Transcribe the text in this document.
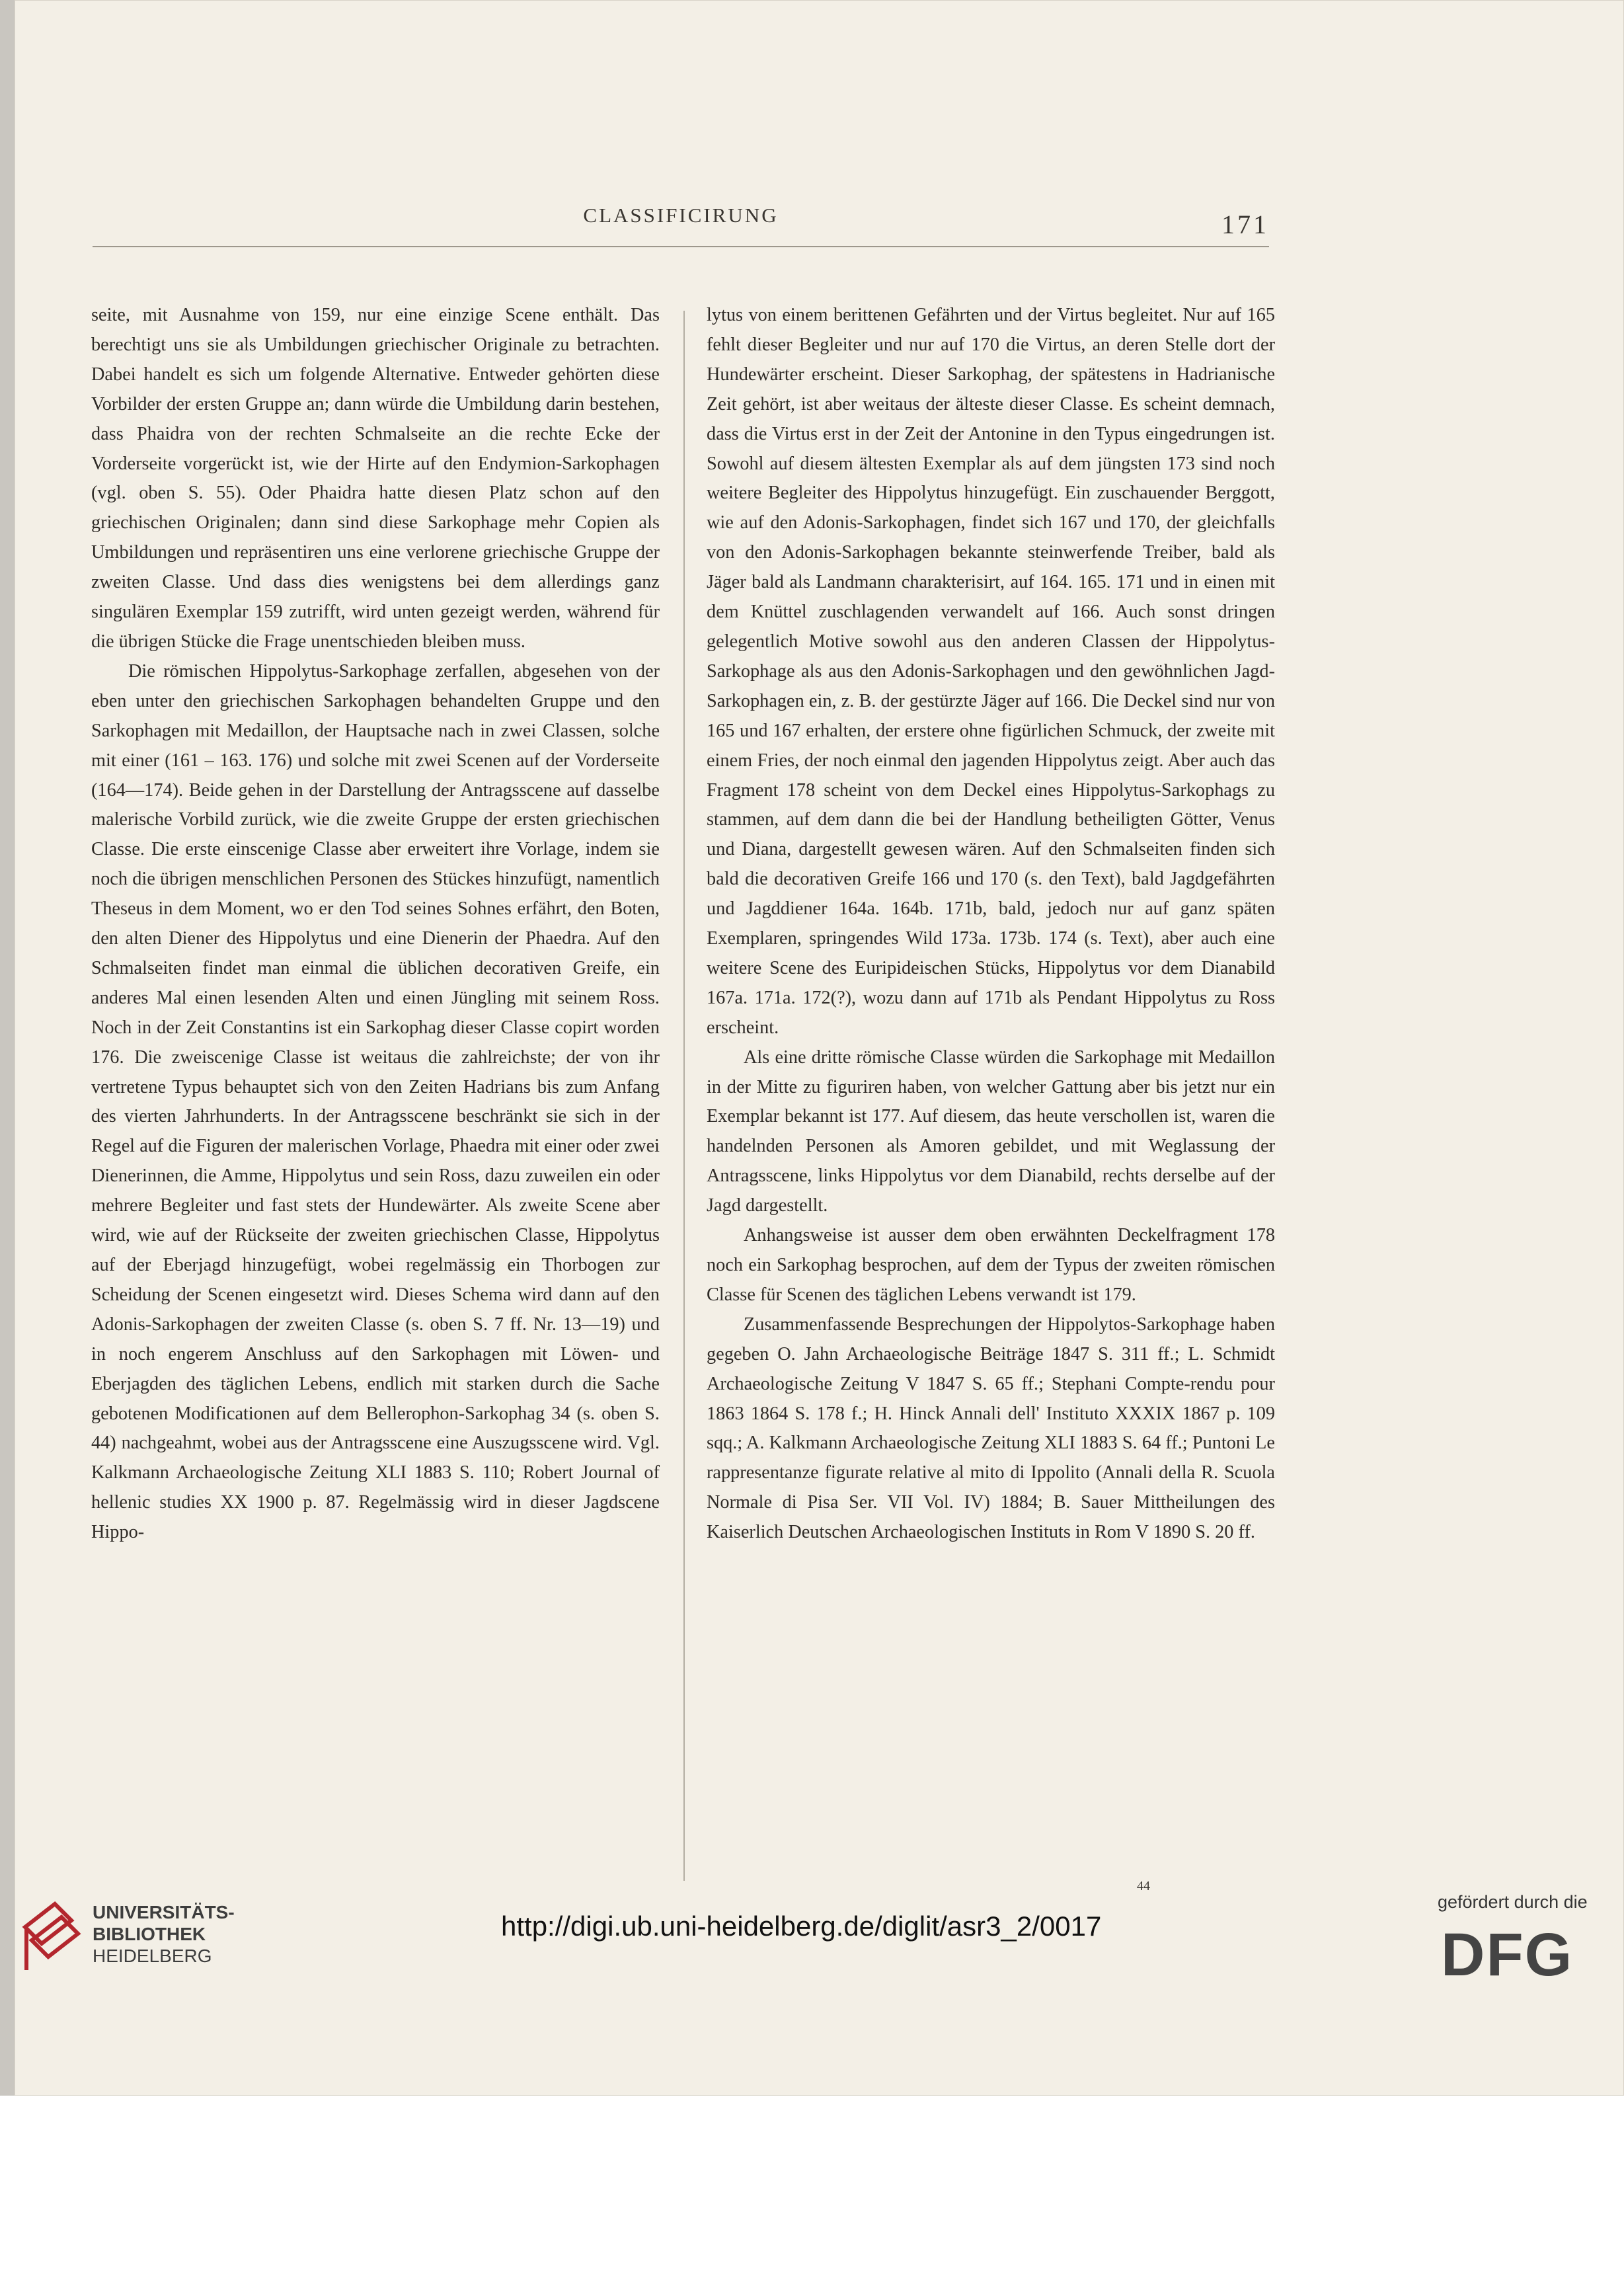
CLASSIFICIRUNG	171

seite, mit Ausnahme von 159, nur eine einzige Scene enthält. Das berechtigt uns sie als Umbildungen griechischer Originale zu betrachten. Dabei handelt es sich um folgende Alternative. Entweder gehörten diese Vorbilder der ersten Gruppe an; dann würde die Umbildung darin bestehen, dass Phaidra von der rechten Schmalseite an die rechte Ecke der Vorderseite vorgerückt ist, wie der Hirte auf den Endymion-Sarkophagen (vgl. oben S. 55). Oder Phaidra hatte diesen Platz schon auf den griechischen Originalen; dann sind diese Sarkophage mehr Copien als Umbildungen und repräsentiren uns eine verlorene griechische Gruppe der zweiten Classe. Und dass dies wenigstens bei dem allerdings ganz singulären Exemplar 159 zutrifft, wird unten gezeigt werden, während für die übrigen Stücke die Frage unentschieden bleiben muss.

Die römischen Hippolytus-Sarkophage zerfallen, abgesehen von der eben unter den griechischen Sarkophagen behandelten Gruppe und den Sarkophagen mit Medaillon, der Hauptsache nach in zwei Classen, solche mit einer (161 – 163. 176) und solche mit zwei Scenen auf der Vorderseite (164—174). Beide gehen in der Darstellung der Antragsscene auf dasselbe malerische Vorbild zurück, wie die zweite Gruppe der ersten griechischen Classe. Die erste einscenige Classe aber erweitert ihre Vorlage, indem sie noch die übrigen menschlichen Personen des Stückes hinzufügt, namentlich Theseus in dem Moment, wo er den Tod seines Sohnes erfährt, den Boten, den alten Diener des Hippolytus und eine Dienerin der Phaedra. Auf den Schmalseiten findet man einmal die üblichen decorativen Greife, ein anderes Mal einen lesenden Alten und einen Jüngling mit seinem Ross. Noch in der Zeit Constantins ist ein Sarkophag dieser Classe copirt worden 176. Die zweiscenige Classe ist weitaus die zahlreichste; der von ihr vertretene Typus behauptet sich von den Zeiten Hadrians bis zum Anfang des vierten Jahrhunderts. In der Antragsscene beschränkt sie sich in der Regel auf die Figuren der malerischen Vorlage, Phaedra mit einer oder zwei Dienerinnen, die Amme, Hippolytus und sein Ross, dazu zuweilen ein oder mehrere Begleiter und fast stets der Hundewärter. Als zweite Scene aber wird, wie auf der Rückseite der zweiten griechischen Classe, Hippolytus auf der Eberjagd hinzugefügt, wobei regelmässig ein Thorbogen zur Scheidung der Scenen eingesetzt wird. Dieses Schema wird dann auf den Adonis-Sarkophagen der zweiten Classe (s. oben S. 7 ff. Nr. 13—19) und in noch engerem Anschluss auf den Sarkophagen mit Löwen- und Eberjagden des täglichen Lebens, endlich mit starken durch die Sache gebotenen Modificationen auf dem Bellerophon-Sarkophag 34 (s. oben S. 44) nachgeahmt, wobei aus der Antragsscene eine Auszugsscene wird. Vgl. Kalkmann Archaeologische Zeitung XLI 1883 S. 110; Robert Journal of hellenic studies XX 1900 p. 87. Regelmässig wird in dieser Jagdscene Hippo-

lytus von einem berittenen Gefährten und der Virtus begleitet. Nur auf 165 fehlt dieser Begleiter und nur auf 170 die Virtus, an deren Stelle dort der Hundewärter erscheint. Dieser Sarkophag, der spätestens in Hadrianische Zeit gehört, ist aber weitaus der älteste dieser Classe. Es scheint demnach, dass die Virtus erst in der Zeit der Antonine in den Typus eingedrungen ist. Sowohl auf diesem ältesten Exemplar als auf dem jüngsten 173 sind noch weitere Begleiter des Hippolytus hinzugefügt. Ein zuschauender Berggott, wie auf den Adonis-Sarkophagen, findet sich 167 und 170, der gleichfalls von den Adonis-Sarkophagen bekannte steinwerfende Treiber, bald als Jäger bald als Landmann charakterisirt, auf 164. 165. 171 und in einen mit dem Knüttel zuschlagenden verwandelt auf 166. Auch sonst dringen gelegentlich Motive sowohl aus den anderen Classen der Hippolytus-Sarkophage als aus den Adonis-Sarkophagen und den gewöhnlichen Jagd-Sarkophagen ein, z. B. der gestürzte Jäger auf 166. Die Deckel sind nur von 165 und 167 erhalten, der erstere ohne figürlichen Schmuck, der zweite mit einem Fries, der noch einmal den jagenden Hippolytus zeigt. Aber auch das Fragment 178 scheint von dem Deckel eines Hippolytus-Sarkophags zu stammen, auf dem dann die bei der Handlung betheiligten Götter, Venus und Diana, dargestellt gewesen wären. Auf den Schmalseiten finden sich bald die decorativen Greife 166 und 170 (s. den Text), bald Jagdgefährten und Jagddiener 164a. 164b. 171b, bald, jedoch nur auf ganz späten Exemplaren, springendes Wild 173a. 173b. 174 (s. Text), aber auch eine weitere Scene des Euripideischen Stücks, Hippolytus vor dem Dianabild 167a. 171a. 172(?), wozu dann auf 171b als Pendant Hippolytus zu Ross erscheint.

Als eine dritte römische Classe würden die Sarkophage mit Medaillon in der Mitte zu figuriren haben, von welcher Gattung aber bis jetzt nur ein Exemplar bekannt ist 177. Auf diesem, das heute verschollen ist, waren die handelnden Personen als Amoren gebildet, und mit Weglassung der Antragsscene, links Hippolytus vor dem Dianabild, rechts derselbe auf der Jagd dargestellt.

Anhangsweise ist ausser dem oben erwähnten Deckelfragment 178 noch ein Sarkophag besprochen, auf dem der Typus der zweiten römischen Classe für Scenen des täglichen Lebens verwandt ist 179.

Zusammenfassende Besprechungen der Hippolytos-Sarkophage haben gegeben O. Jahn Archaeologische Beiträge 1847 S. 311 ff.; L. Schmidt Archaeologische Zeitung V 1847 S. 65 ff.; Stephani Compte-rendu pour 1863 1864 S. 178 f.; H. Hinck Annali dell' Instituto XXXIX 1867 p. 109 sqq.; A. Kalkmann Archaeologische Zeitung XLI 1883 S. 64 ff.; Puntoni Le rappresentanze figurate relative al mito di Ippolito (Annali della R. Scuola Normale di Pisa Ser. VII Vol. IV) 1884; B. Sauer Mittheilungen des Kaiserlich Deutschen Archaeologischen Instituts in Rom V 1890 S. 20 ff.

44
UNIVERSITÄTS-
BIBLIOTHEK
HEIDELBERG
http://digi.ub.uni-heidelberg.de/diglit/asr3_2/0017
gefördert durch die
DFG
